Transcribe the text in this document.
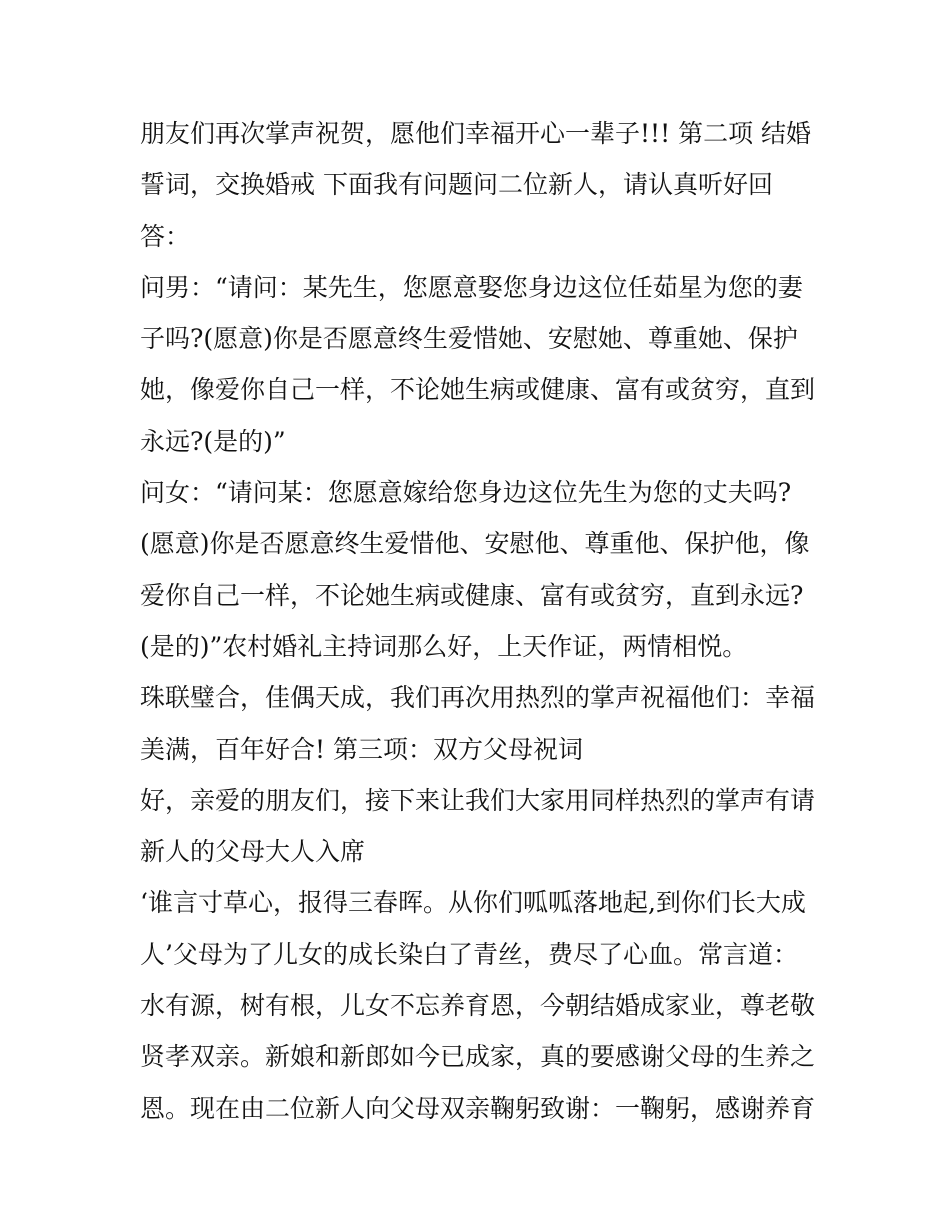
朋友们再次掌声祝贺，愿他们幸福开心一辈子!!! 第二项 结婚
誓词，交换婚戒 下面我有问题问二位新人，请认真听好回
答：
问男：“请问：某先生，您愿意娶您身边这位任茹星为您的妻
子吗?(愿意)你是否愿意终生爱惜她、安慰她、尊重她、保护
她，像爱你自己一样，不论她生病或健康、富有或贫穷，直到
永远?(是的)”
问女：“请问某：您愿意嫁给您身边这位先生为您的丈夫吗?
(愿意)你是否愿意终生爱惜他、安慰他、尊重他、保护他，像
爱你自己一样，不论她生病或健康、富有或贫穷，直到永远?
(是的)”农村婚礼主持词那么好，上天作证，两情相悦。
珠联璧合，佳偶天成，我们再次用热烈的掌声祝福他们：幸福
美满，百年好合! 第三项：双方父母祝词
好，亲爱的朋友们，接下来让我们大家用同样热烈的掌声有请
新人的父母大人入席
‘谁言寸草心，报得三春晖。从你们呱呱落地起,到你们长大成
人’父母为了儿女的成长染白了青丝，费尽了心血。常言道：
水有源，树有根，儿女不忘养育恩，今朝结婚成家业，尊老敬
贤孝双亲。新娘和新郎如今已成家，真的要感谢父母的生养之
恩。现在由二位新人向父母双亲鞠躬致谢：一鞠躬，感谢养育
